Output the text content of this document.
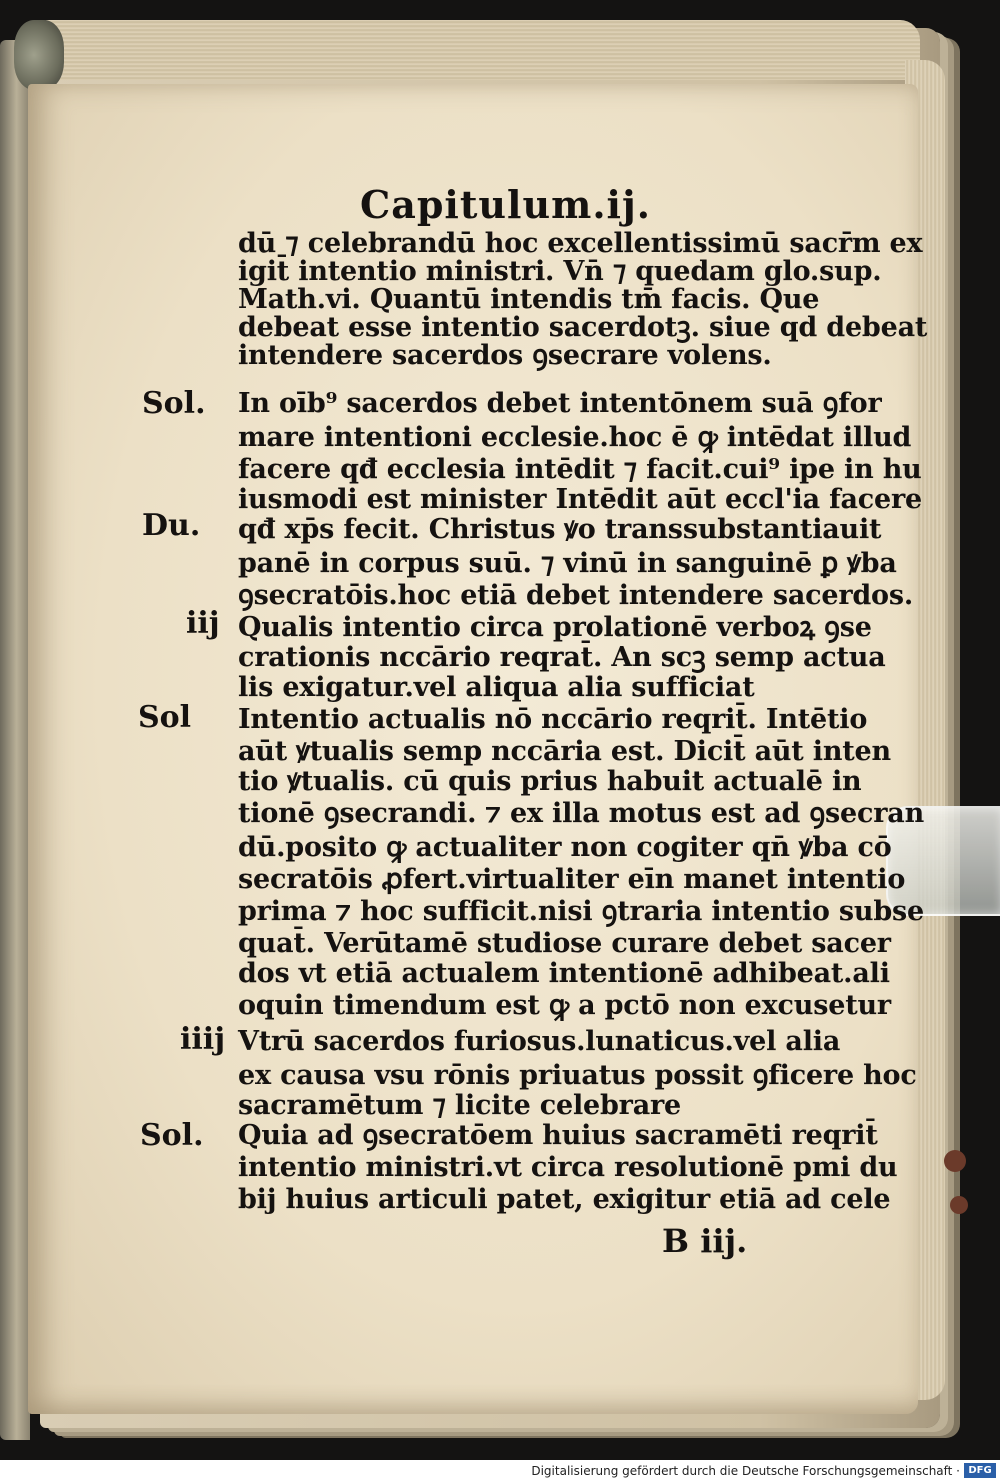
Capitulum.ij.
dū ⁊ celebrandū hoc excellentissimū sacr̄m ex
igit̄ intentio ministri. Vn̄ ⁊ quedam glo.sup.
Math.vi. Quantū intendis tm̄ facis. Que
debeat esse intentio sacerdotꝫ. siue qd debeat
intendere sacerdos ꝯsecrare volens.
In oīb⁹ sacerdos debet intentōnem suā ꝯfor
mare intentioni ecclesie.hoc ē ꝙ intēdat illud
facere qđ ecclesia intēdit ⁊ facit.cui⁹ ipe in hu
iusmodi est minister Intēdit aūt eccl'ia facere
qđ xp̄s fecit. Christus ꝟo transsubstantiauit
panē in corpus suū. ⁊ vinū in sanguinē ꝑ ꝟba
ꝯsecratōis.hoc etiā debet intendere sacerdos.
Qualis intentio circa prolationē verboꝝ ꝯse
crationis nccārio reqrat̄. An scꝫ semp actua
lis exigatur.vel aliqua alia sufficiat
Intentio actualis nō nccārio reqrit̄. Intētio
aūt ꝟtualis semp nccāria est. Dicit̄ aūt inten
tio ꝟtualis. cū quis prius habuit actualē in
tionē ꝯsecrandi. ⁊ ex illa motus est ad ꝯsecran
dū.posito ꝙ actualiter non cogiter qn̄ ꝟba cō
secratōis ꝓfert.virtualiter eīn manet intentio
prima ⁊ hoc sufficit.nisi ꝯtraria intentio subse
quat̄. Verūtamē studiose curare debet sacer
dos vt etiā actualem intentionē adhibeat.ali
oquin timendum est ꝙ a pctō non excusetur
Vtrū sacerdos furiosus.lunaticus.vel alia
ex causa vsu rōnis priuatus possit ꝯficere hoc
sacramētum ⁊ licite celebrare
Quia ad ꝯsecratōem huius sacramēti reqrit̄
intentio ministri.vt circa resolutionē pmi du
bij huius articuli patet, exigitur etiā ad cele
Sol.
Du.
iij
Sol
iiij
Sol.
B iij.
Digitalisierung gefördert durch die Deutsche Forschungsgemeinschaft · DFG
